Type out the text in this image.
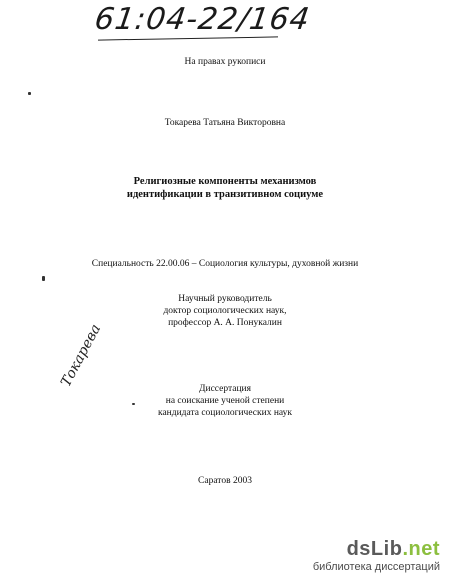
61:04-22/164
На правах рукописи
Токарева Татьяна Викторовна
Религиозные компоненты механизмов
идентификации в транзитивном социуме
Специальность 22.00.06 – Социология культуры, духовной жизни
Научный руководитель
доктор социологических наук,
профессор А. А. Понукалин
Диссертация
на соискание ученой степени
кандидата социологических наук
Саратов 2003
Токарева
dsLib.net
библиотека диссертаций
